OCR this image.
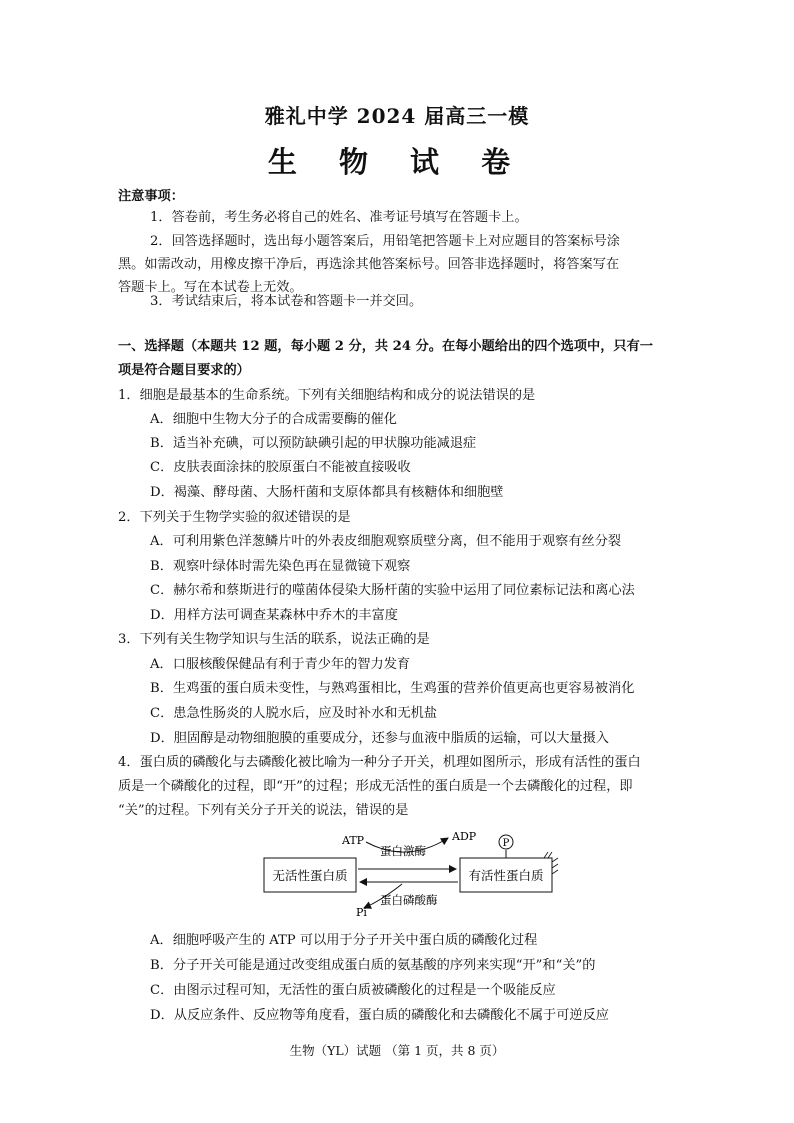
雅礼中学 2024 届高三一模
生 物 试 卷
注意事项：
1．答卷前，考生务必将自己的姓名、准考证号填写在答题卡上。
2．回答选择题时，选出每小题答案后，用铅笔把答题卡上对应题目的答案标号涂
黑。如需改动，用橡皮擦干净后，再选涂其他答案标号。回答非选择题时，将答案写在
答题卡上。写在本试卷上无效。
3．考试结束后，将本试卷和答题卡一并交回。
一、选择题（本题共 12 题，每小题 2 分，共 24 分。在每小题给出的四个选项中，只有一
项是符合题目要求的）
1．细胞是最基本的生命系统。下列有关细胞结构和成分的说法错误的是
A．细胞中生物大分子的合成需要酶的催化
B．适当补充碘，可以预防缺碘引起的甲状腺功能减退症
C．皮肤表面涂抹的胶原蛋白不能被直接吸收
D．褐藻、酵母菌、大肠杆菌和支原体都具有核糖体和细胞壁
2．下列关于生物学实验的叙述错误的是
A．可利用紫色洋葱鳞片叶的外表皮细胞观察质壁分离，但不能用于观察有丝分裂
B．观察叶绿体时需先染色再在显微镜下观察
C．赫尔希和蔡斯进行的噬菌体侵染大肠杆菌的实验中运用了同位素标记法和离心法
D．用样方法可调查某森林中乔木的丰富度
3．下列有关生物学知识与生活的联系，说法正确的是
A．口服核酸保健品有利于青少年的智力发育
B．生鸡蛋的蛋白质未变性，与熟鸡蛋相比，生鸡蛋的营养价值更高也更容易被消化
C．患急性肠炎的人脱水后，应及时补水和无机盐
D．胆固醇是动物细胞膜的重要成分，还参与血液中脂质的运输，可以大量摄入
4．蛋白质的磷酸化与去磷酸化被比喻为一种分子开关，机理如图所示，形成有活性的蛋白
质是一个磷酸化的过程，即“开”的过程；形成无活性的蛋白质是一个去磷酸化的过程，即
“关”的过程。下列有关分子开关的说法，错误的是
无活性蛋白质	有活性蛋白质
ATP	ADP
蛋白激酶
蛋白磷酸酶
Pi
P
A．细胞呼吸产生的 ATP 可以用于分子开关中蛋白质的磷酸化过程
B．分子开关可能是通过改变组成蛋白质的氨基酸的序列来实现“开”和“关”的
C．由图示过程可知，无活性的蛋白质被磷酸化的过程是一个吸能反应
D．从反应条件、反应物等角度看，蛋白质的磷酸化和去磷酸化不属于可逆反应
生物（YL）试题 （第 1 页，共 8 页）
